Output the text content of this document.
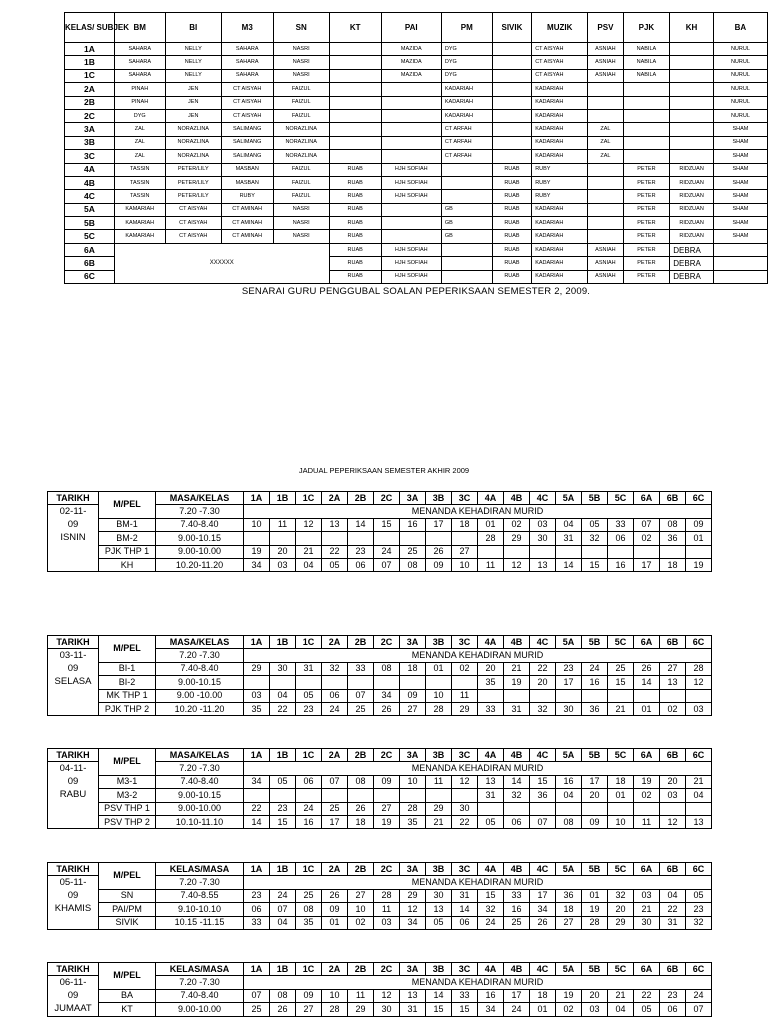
KELAS/ SUBJEK	BM	BI	M3	SN	KT	PAI	PM	SIVIK	MUZIK	PSV	PJK	KH	BA
1A	SAHARA	NELLY	SAHARA	NASRI		MAZIDA	DYG		CT AISYAH	ASNIAH	NABILA		NURUL
1B	SAHARA	NELLY	SAHARA	NASRI		MAZIDA	DYG		CT AISYAH	ASNIAH	NABILA		NURUL
1C	SAHARA	NELLY	SAHARA	NASRI		MAZIDA	DYG		CT AISYAH	ASNIAH	NABILA		NURUL
2A	PINAH	JEN	CT AISYAH	FAIZUL			KADARIAH		KADARIAH				NURUL
2B	PINAH	JEN	CT AISYAH	FAIZUL			KADARIAH		KADARIAH				NURUL
2C	DYG	JEN	CT AISYAH	FAIZUL			KADARIAH		KADARIAH				NURUL
3A	ZAL	NORAZLINA	SALIMANG	NORAZLINA			CT ARFAH		KADARIAH	ZAL			SHAM
3B	ZAL	NORAZLINA	SALIMANG	NORAZLINA			CT ARFAH		KADARIAH	ZAL			SHAM
3C	ZAL	NORAZLINA	SALIMANG	NORAZLINA			CT ARFAH		KADARIAH	ZAL			SHAM
4A	TASSIN	PETER/LILY	MASBAN	FAIZUL	RUAB	HJH SOFIAH		RUAB	RUBY		PETER	RIDZUAN	SHAM
4B	TASSIN	PETER/LILY	MASBAN	FAIZUL	RUAB	HJH SOFIAH		RUAB	RUBY		PETER	RIDZUAN	SHAM
4C	TASSIN	PETER/LILY	RUBY	FAIZUL	RUAB	HJH SOFIAH		RUAB	RUBY		PETER	RIDZUAN	SHAM
5A	KAMARIAH	CT AISYAH	CT AMINAH	NASRI	RUAB		GB	RUAB	KADARIAH		PETER	RIDZUAN	SHAM
5B	KAMARIAH	CT AISYAH	CT AMINAH	NASRI	RUAB		GB	RUAB	KADARIAH		PETER	RIDZUAN	SHAM
5C	KAMARIAH	CT AISYAH	CT AMINAH	NASRI	RUAB		GB	RUAB	KADARIAH		PETER	RIDZUAN	SHAM
6A	XXXXXX				RUAB	HJH SOFIAH		RUAB	KADARIAH	ASNIAH	PETER	DEBRA	
6B					RUAB	HJH SOFIAH		RUAB	KADARIAH	ASNIAH	PETER	DEBRA	
6C					RUAB	HJH SOFIAH		RUAB	KADARIAH	ASNIAH	PETER	DEBRA	
SENARAI GURU PENGGUBAL SOALAN PEPERIKSAAN SEMESTER 2, 2009.
JADUAL PEPERIKSAAN SEMESTER AKHIR 2009
TARIKH	M/PEL	MASA/KELAS	1A	1B	1C	2A	2B	2C	3A	3B	3C	4A	4B	4C	5A	5B	5C	6A	6B	6C

02-11-
09
ISNIN		7.20 -7.30	MENANDA KEHADIRAN MURID																	
	BM-1	7.40-8.40	10	11	12	13	14	15	16	17	18	01	02	03	04	05	33	07	08	09
	BM-2	9.00-10.15										28	29	30	31	32	06	02	36	01
	PJK THP 1	9.00-10.00	19	20	21	22	23	24	25	26	27									
	KH	10.20-11.20	34	03	04	05	06	07	08	09	10	11	12	13	14	15	16	17	18	19
TARIKH	M/PEL	MASA/KELAS	1A	1B	1C	2A	2B	2C	3A	3B	3C	4A	4B	4C	5A	5B	5C	6A	6B	6C

03-11-
09
SELASA		7.20 -7.30	MENANDA KEHADIRAN MURID																	
	BI-1	7.40-8.40	29	30	31	32	33	08	18	01	02	20	21	22	23	24	25	26	27	28
	BI-2	9.00-10.15										35	19	20	17	16	15	14	13	12
	MK THP 1	9.00 -10.00	03	04	05	06	07	34	09	10	11									
	PJK THP 2	10.20 -11.20	35	22	23	24	25	26	27	28	29	33	31	32	30	36	21	01	02	03
TARIKH	M/PEL	MASA/KELAS	1A	1B	1C	2A	2B	2C	3A	3B	3C	4A	4B	4C	5A	5B	5C	6A	6B	6C

04-11-
09
RABU		7.20 -7.30	MENANDA KEHADIRAN MURID																	
	M3-1	7.40-8.40	34	05	06	07	08	09	10	11	12	13	14	15	16	17	18	19	20	21
	M3-2	9.00-10.15										31	32	36	04	20	01	02	03	04
	PSV THP 1	9.00-10.00	22	23	24	25	26	27	28	29	30									
	PSV THP 2	10.10-11.10	14	15	16	17	18	19	35	21	22	05	06	07	08	09	10	11	12	13
TARIKH	M/PEL	KELAS/MASA	1A	1B	1C	2A	2B	2C	3A	3B	3C	4A	4B	4C	5A	5B	5C	6A	6B	6C

05-11-
09
KHAMIS		7.20 -7.30	MENANDA KEHADIRAN MURID																	
	SN	7.40-8.55	23	24	25	26	27	28	29	30	31	15	33	17	36	01	32	03	04	05
	PAI/PM	9.10-10.10	06	07	08	09	10	11	12	13	14	32	16	34	18	19	20	21	22	23
	SIVIK	10.15 -11.15	33	04	35	01	02	03	34	05	06	24	25	26	27	28	29	30	31	32
TARIKH	M/PEL	KELAS/MASA	1A	1B	1C	2A	2B	2C	3A	3B	3C	4A	4B	4C	5A	5B	5C	6A	6B	6C

06-11-
09
JUMAAT		7.20 -7.30	MENANDA KEHADIRAN MURID																	
	BA	7.40-8.40	07	08	09	10	11	12	13	14	33	16	17	18	19	20	21	22	23	24
	KT	9.00-10.00	25	26	27	28	29	30	31	15	15	34	24	01	02	03	04	05	06	07
